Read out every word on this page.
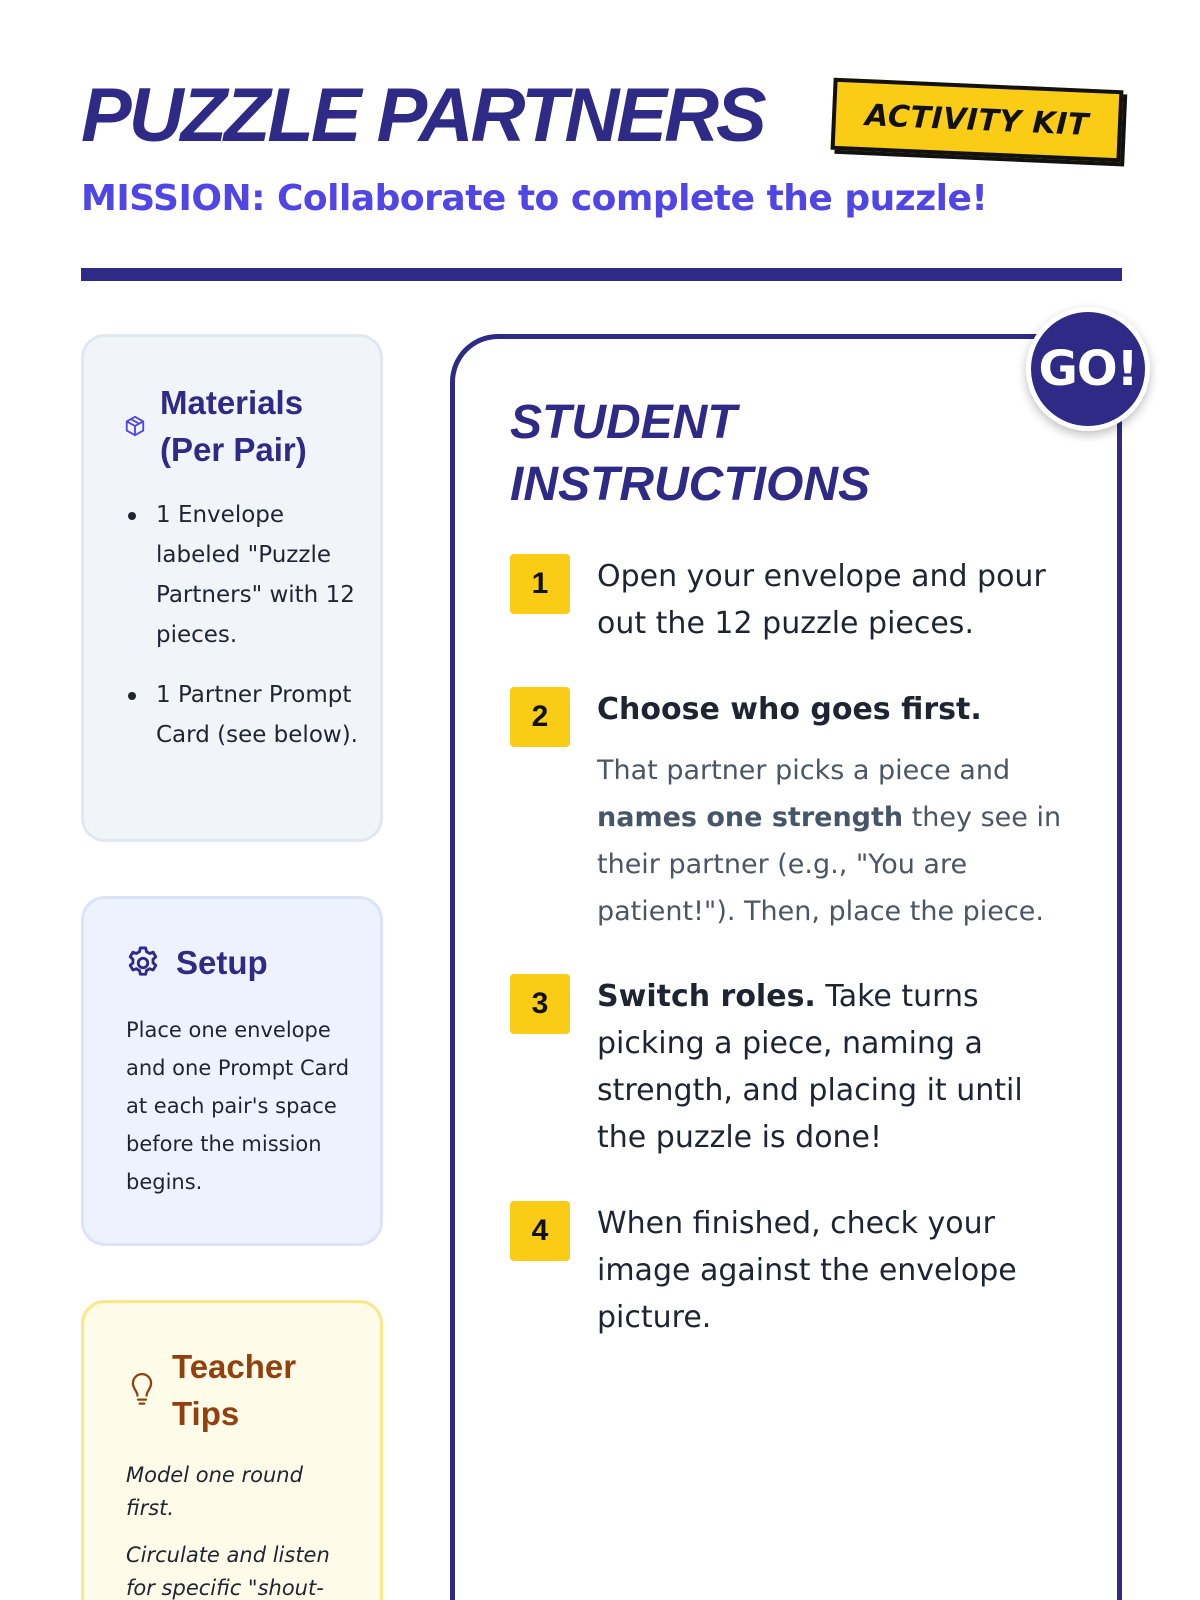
PUZZLE PARTNERS	ACTIVITY KIT
MISSION: Collaborate to complete the puzzle!
Materials
(Per Pair)
1 Envelope labeled "Puzzle Partners" with 12 pieces.
1 Partner Prompt Card (see below).
Setup

Place one envelope and one Prompt Card at each pair's space before the mission begins.

Teacher
Tips

Model one round first.

Circulate and listen for specific "shout-

GO!
STUDENT
INSTRUCTIONS
1	Open your envelope and pour out the 12 puzzle pieces.

2	Choose who goes first.

That partner picks a piece and names one strength they see in their partner (e.g., "You are patient!"). Then, place the piece.

3	Switch roles. Take turns picking a piece, naming a strength, and placing it until the puzzle is done!

4	When finished, check your image against the envelope picture.
